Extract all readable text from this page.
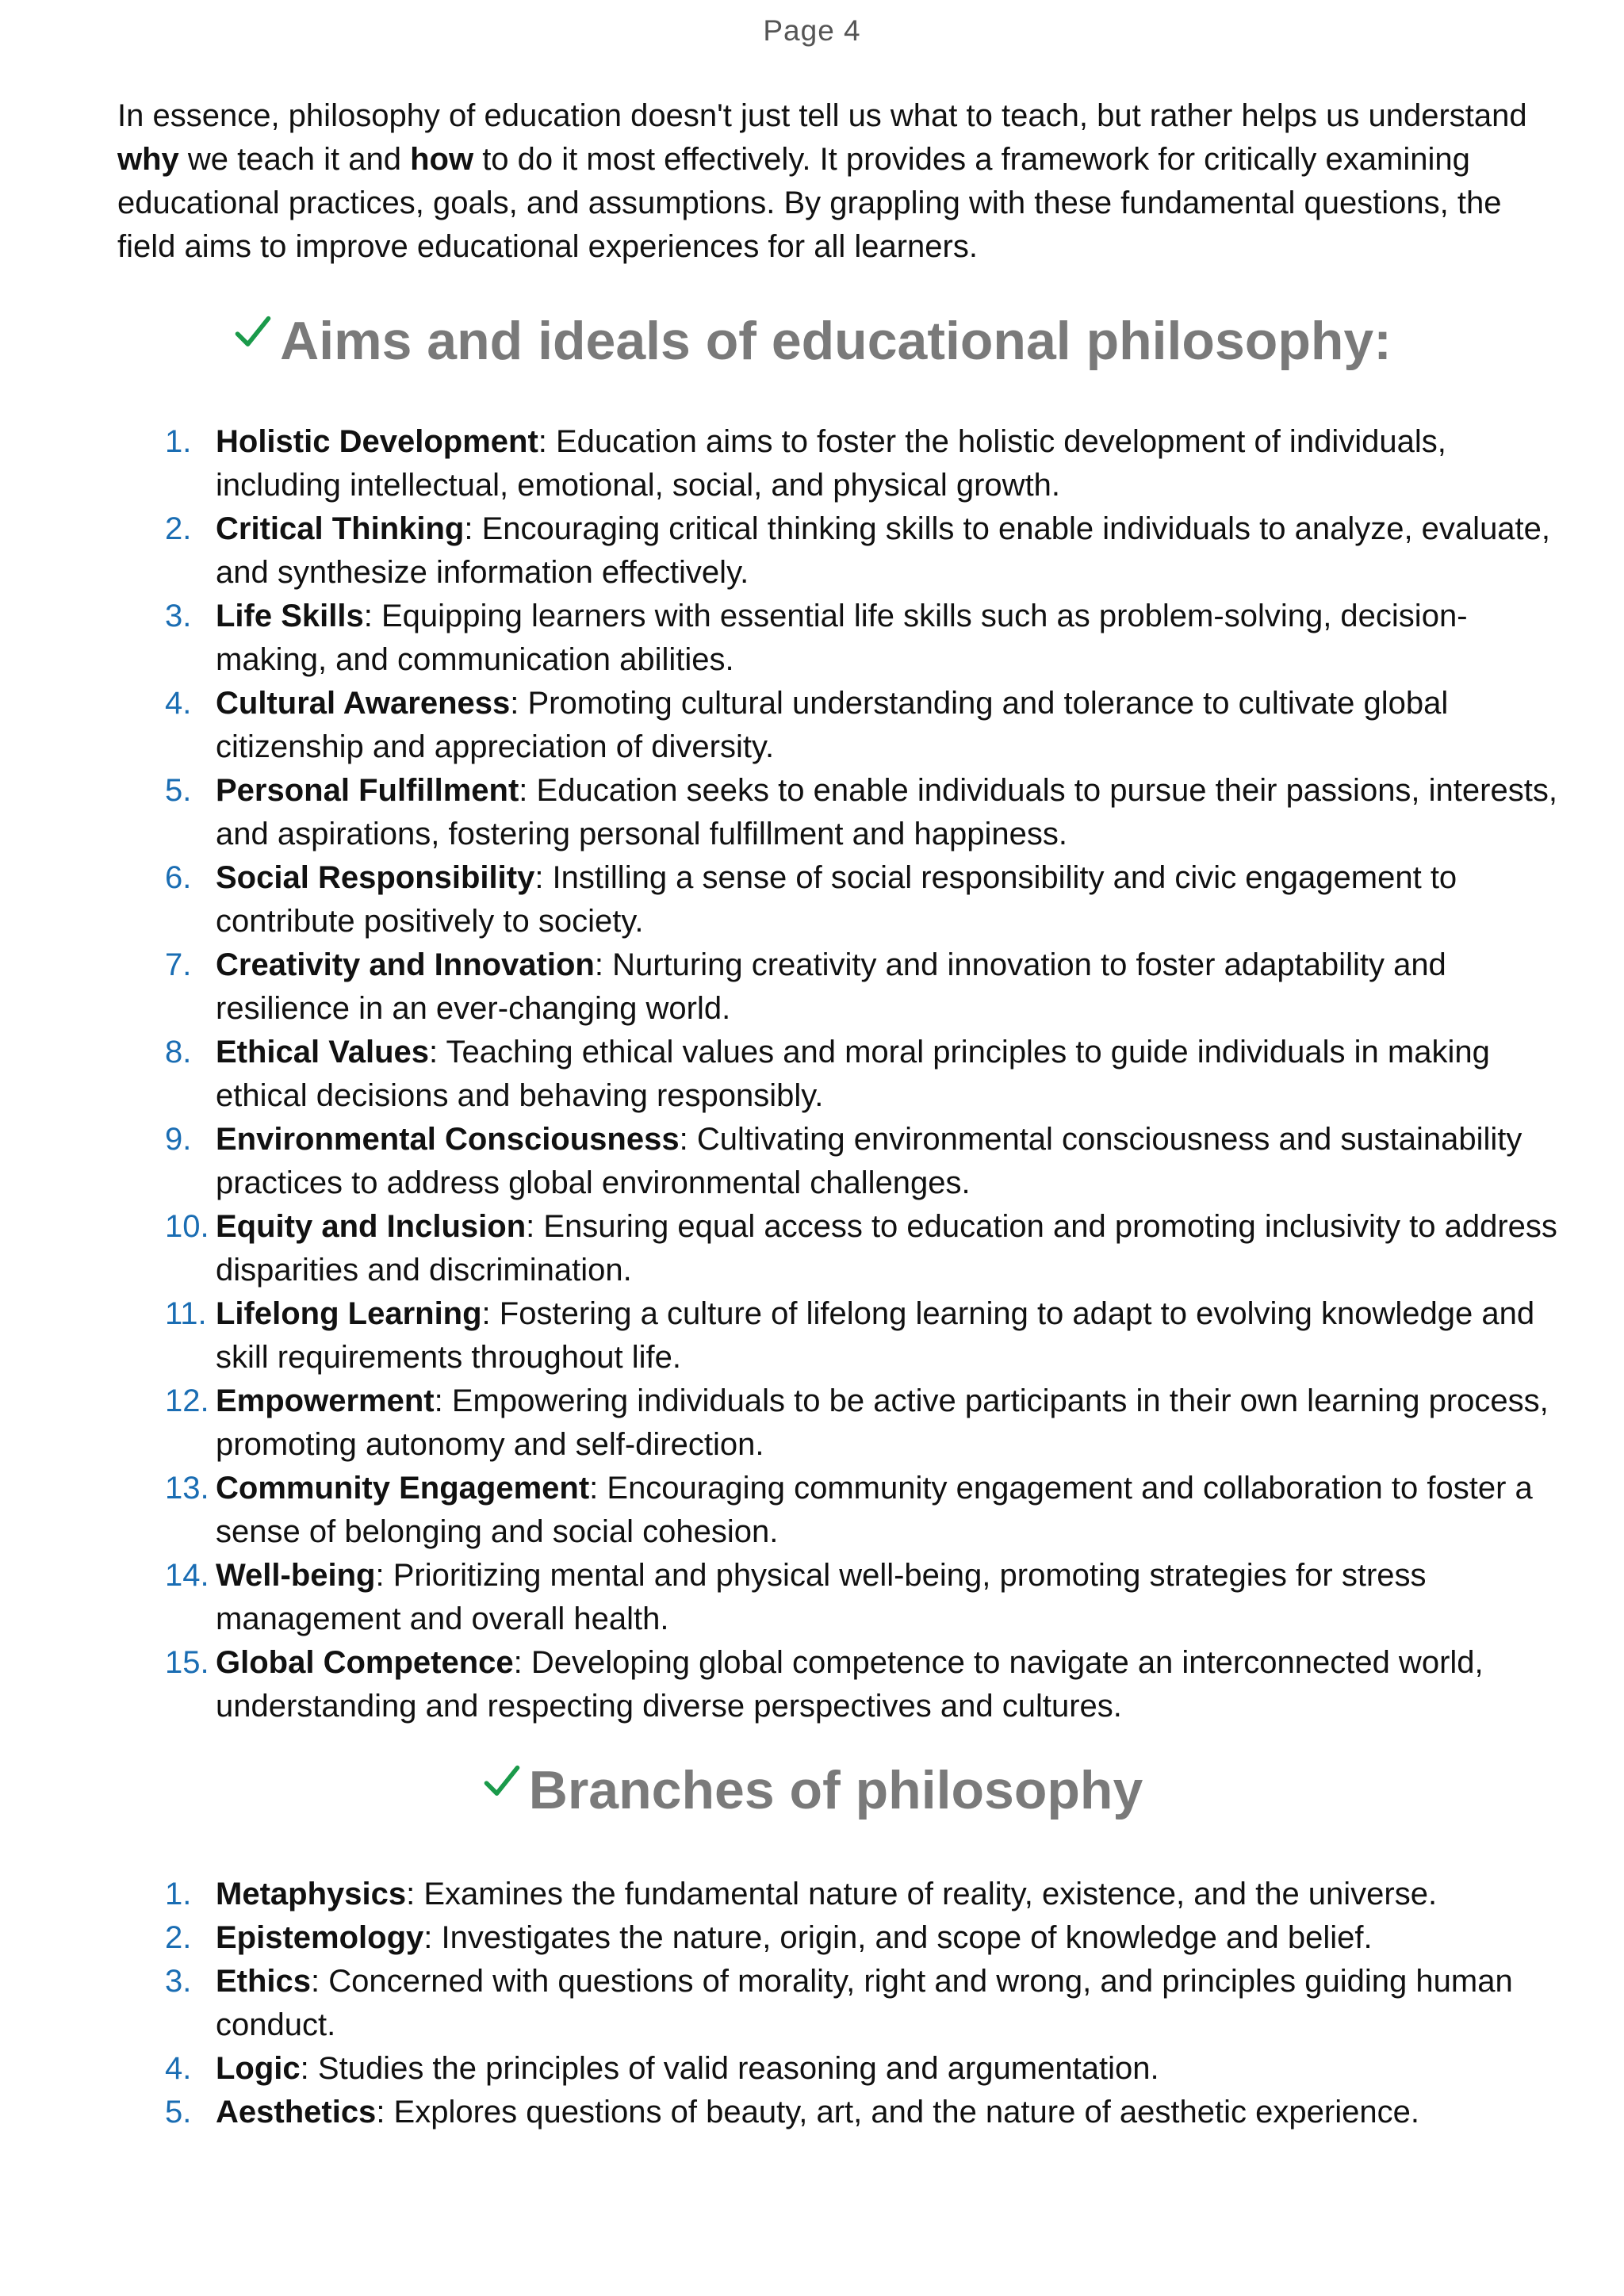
Page 4

In essence, philosophy of education doesn't just tell us what to teach, but rather helps us understand why we teach it and how to do it most effectively. It provides a framework for critically examining educational practices, goals, and assumptions. By grappling with these fundamental questions, the field aims to improve educational experiences for all learners.

Aims and ideals of educational philosophy:
1. Holistic Development: Education aims to foster the holistic development of individuals, including intellectual, emotional, social, and physical growth.
2. Critical Thinking: Encouraging critical thinking skills to enable individuals to analyze, evaluate, and synthesize information effectively.
3. Life Skills: Equipping learners with essential life skills such as problem-solving, decision-making, and communication abilities.
4. Cultural Awareness: Promoting cultural understanding and tolerance to cultivate global citizenship and appreciation of diversity.
5. Personal Fulfillment: Education seeks to enable individuals to pursue their passions, interests, and aspirations, fostering personal fulfillment and happiness.
6. Social Responsibility: Instilling a sense of social responsibility and civic engagement to contribute positively to society.
7. Creativity and Innovation: Nurturing creativity and innovation to foster adaptability and resilience in an ever-changing world.
8. Ethical Values: Teaching ethical values and moral principles to guide individuals in making ethical decisions and behaving responsibly.
9. Environmental Consciousness: Cultivating environmental consciousness and sustainability practices to address global environmental challenges.
10. Equity and Inclusion: Ensuring equal access to education and promoting inclusivity to address disparities and discrimination.
11. Lifelong Learning: Fostering a culture of lifelong learning to adapt to evolving knowledge and skill requirements throughout life.
12. Empowerment: Empowering individuals to be active participants in their own learning process, promoting autonomy and self-direction.
13. Community Engagement: Encouraging community engagement and collaboration to foster a sense of belonging and social cohesion.
14. Well-being: Prioritizing mental and physical well-being, promoting strategies for stress management and overall health.
15. Global Competence: Developing global competence to navigate an interconnected world, understanding and respecting diverse perspectives and cultures.
Branches of philosophy
1. Metaphysics: Examines the fundamental nature of reality, existence, and the universe.
2. Epistemology: Investigates the nature, origin, and scope of knowledge and belief.
3. Ethics: Concerned with questions of morality, right and wrong, and principles guiding human conduct.
4. Logic: Studies the principles of valid reasoning and argumentation.
5. Aesthetics: Explores questions of beauty, art, and the nature of aesthetic experience.
